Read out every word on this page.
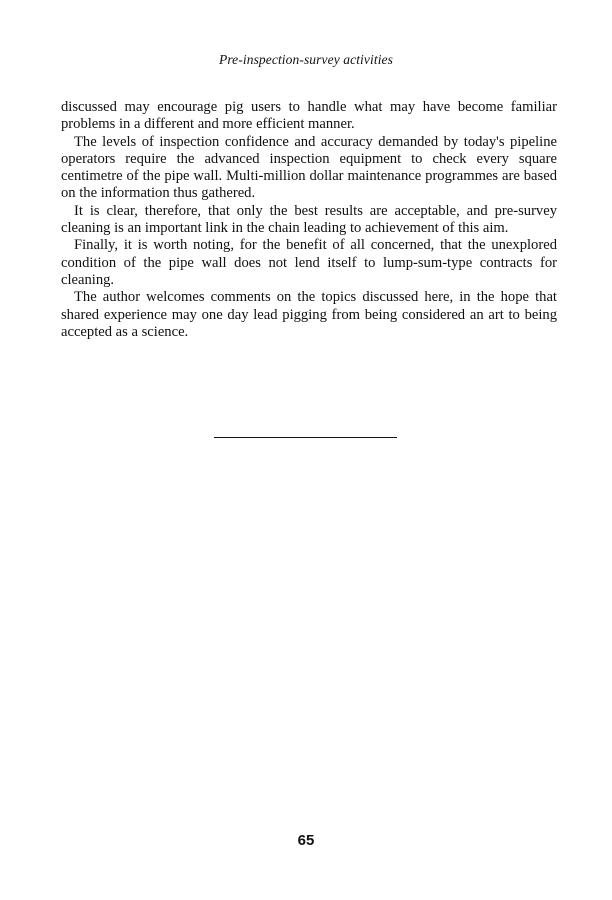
Pre-inspection-survey activities

discussed may encourage pig users to handle what may have become familiar problems in a different and more efficient manner.

The levels of inspection confidence and accuracy demanded by today's pipeline operators require the advanced inspection equipment to check every square centimetre of the pipe wall. Multi-million dollar maintenance programmes are based on the information thus gathered.

It is clear, therefore, that only the best results are acceptable, and pre-survey cleaning is an important link in the chain leading to achievement of this aim.

Finally, it is worth noting, for the benefit of all concerned, that the unexplored condition of the pipe wall does not lend itself to lump-sum-type contracts for cleaning.

The author welcomes comments on the topics discussed here, in the hope that shared experience may one day lead pigging from being considered an art to being accepted as a science.

65
